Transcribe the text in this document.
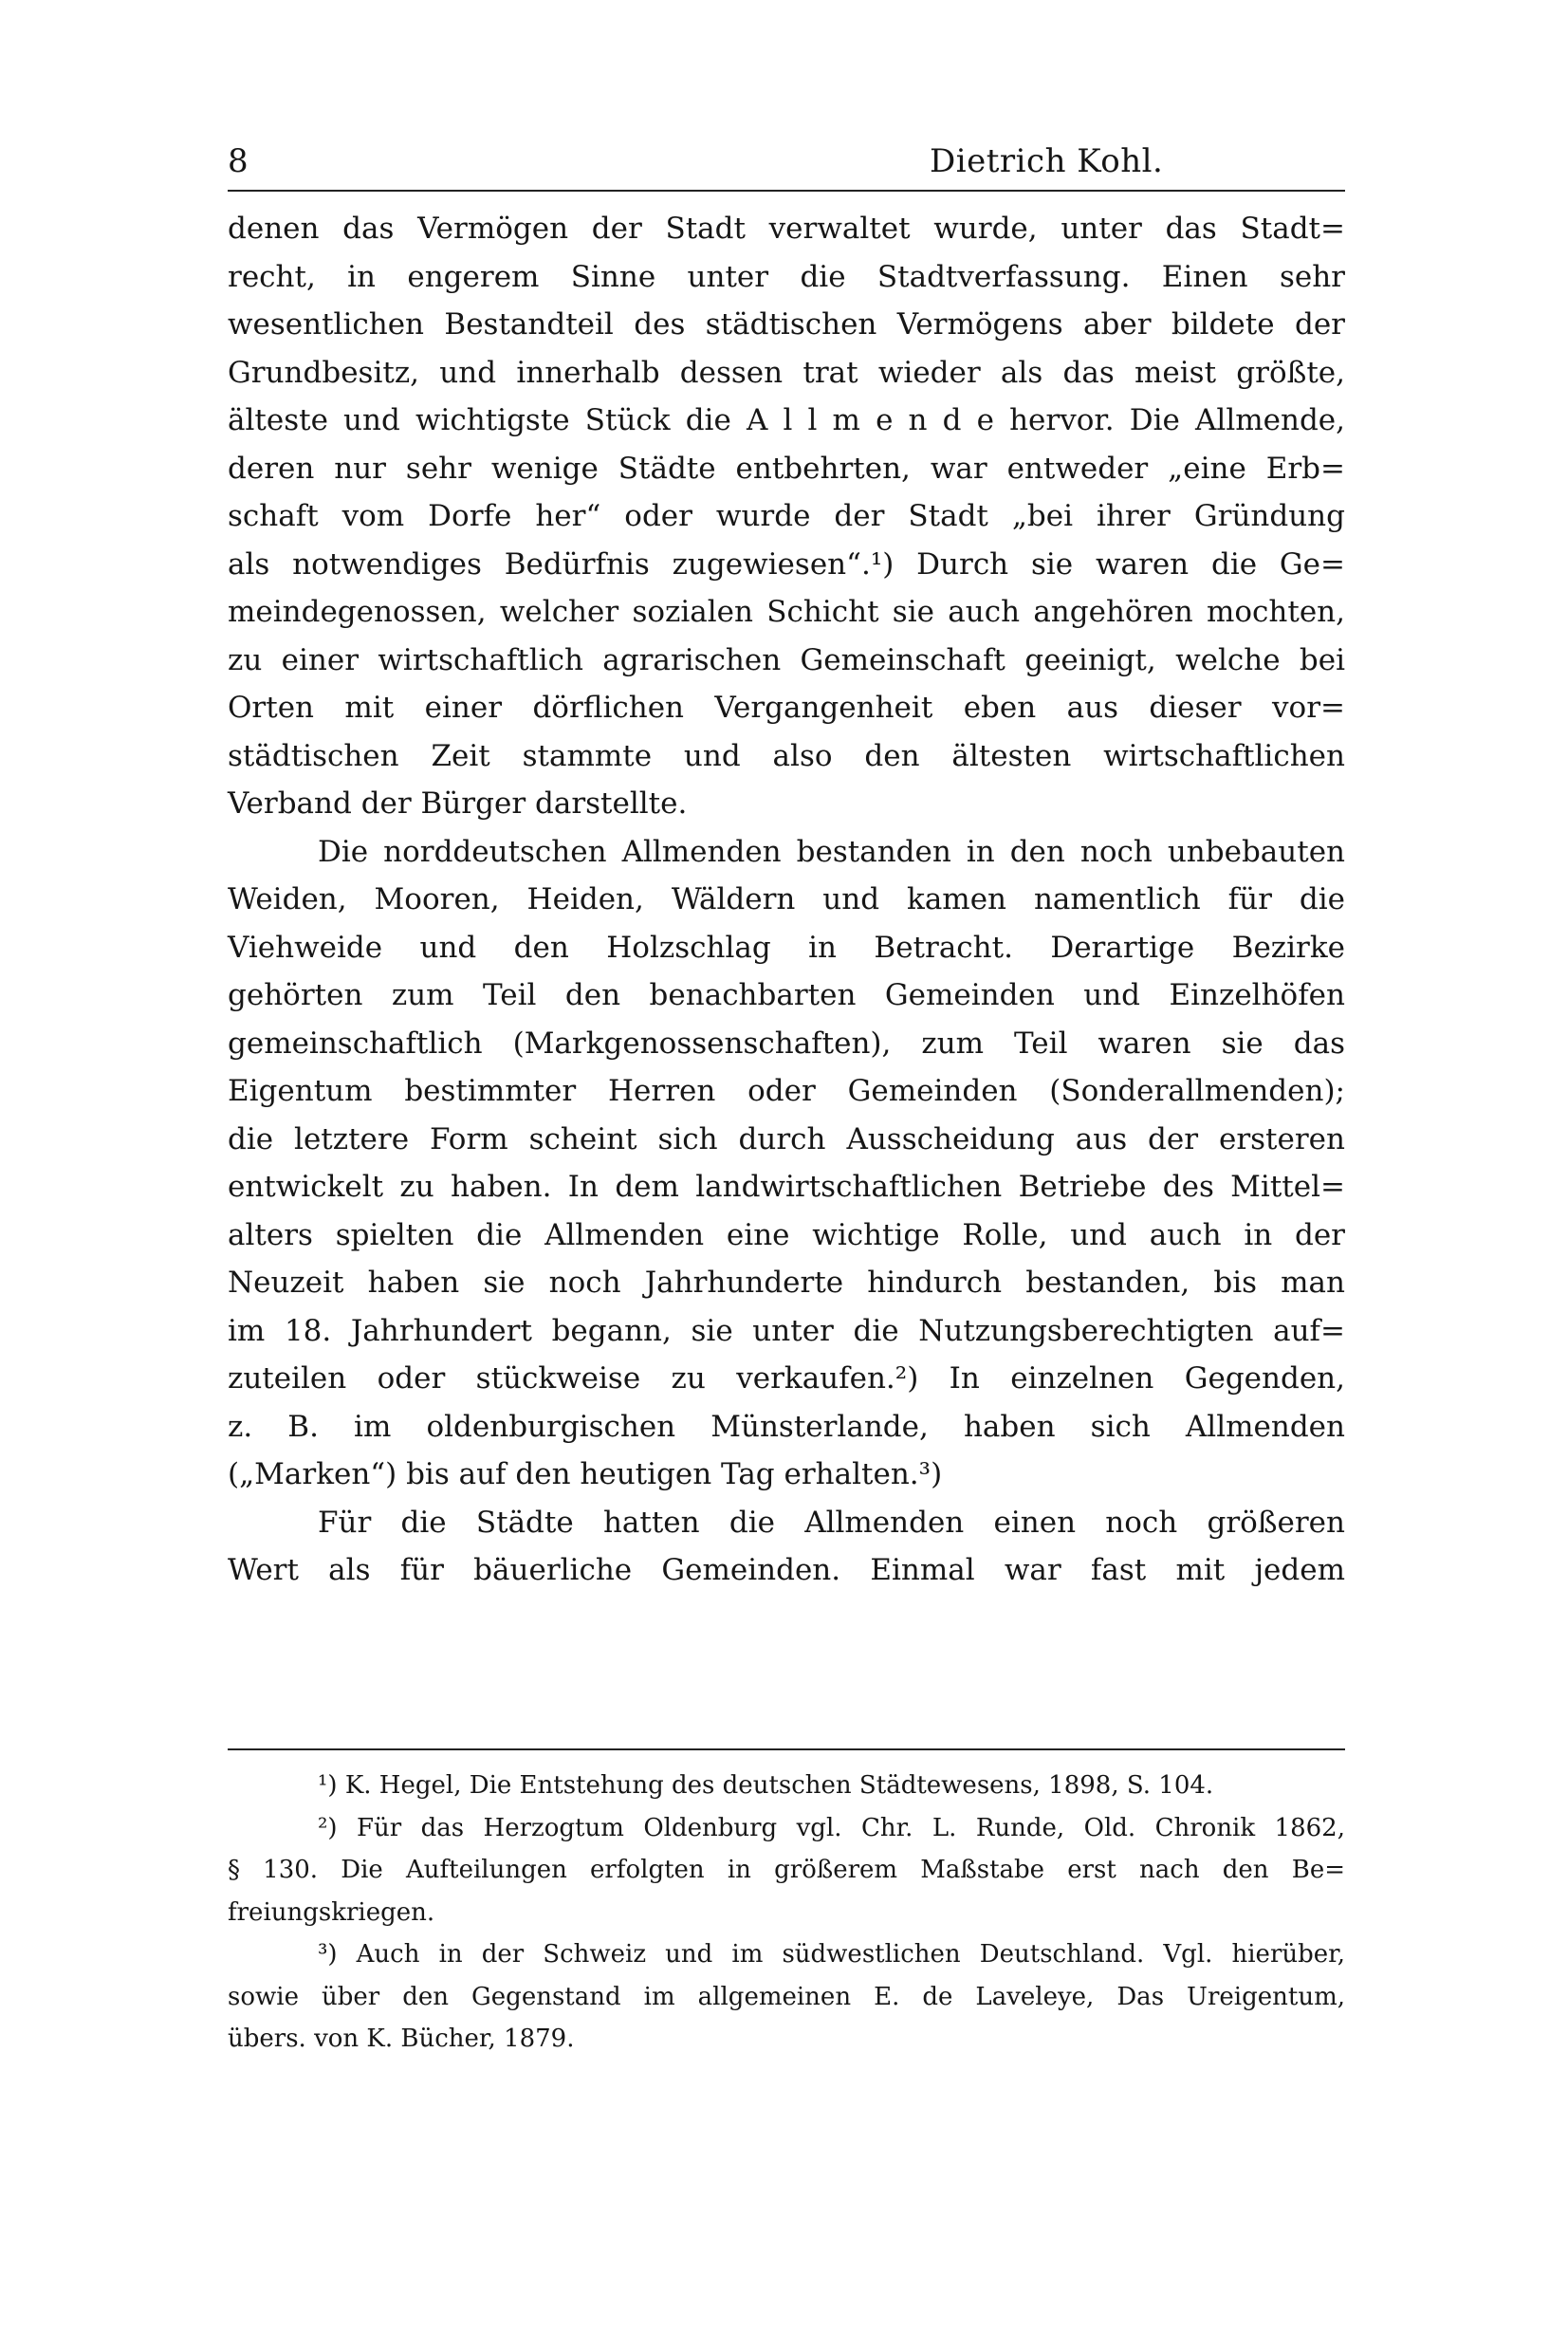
8	Dietrich Kohl.
denen das Vermögen der Stadt verwaltet wurde, unter das Stadt=
recht, in engerem Sinne unter die Stadtverfassung. Einen sehr
wesentlichen Bestandteil des städtischen Vermögens aber bildete der
Grundbesitz, und innerhalb dessen trat wieder als das meist größte,
älteste und wichtigste Stück die A l l m e n d e hervor. Die Allmende,
deren nur sehr wenige Städte entbehrten, war entweder „eine Erb=
schaft vom Dorfe her“ oder wurde der Stadt „bei ihrer Gründung
als notwendiges Bedürfnis zugewiesen“.¹) Durch sie waren die Ge=
meindegenossen, welcher sozialen Schicht sie auch angehören mochten,
zu einer wirtschaftlich agrarischen Gemeinschaft geeinigt, welche bei
Orten mit einer dörflichen Vergangenheit eben aus dieser vor=
städtischen Zeit stammte und also den ältesten wirtschaftlichen
Verband der Bürger darstellte.
Die norddeutschen Allmenden bestanden in den noch unbebauten
Weiden, Mooren, Heiden, Wäldern und kamen namentlich für die
Viehweide und den Holzschlag in Betracht. Derartige Bezirke
gehörten zum Teil den benachbarten Gemeinden und Einzelhöfen
gemeinschaftlich (Markgenossenschaften), zum Teil waren sie das
Eigentum bestimmter Herren oder Gemeinden (Sonderallmenden);
die letztere Form scheint sich durch Ausscheidung aus der ersteren
entwickelt zu haben. In dem landwirtschaftlichen Betriebe des Mittel=
alters spielten die Allmenden eine wichtige Rolle, und auch in der
Neuzeit haben sie noch Jahrhunderte hindurch bestanden, bis man
im 18. Jahrhundert begann, sie unter die Nutzungsberechtigten auf=
zuteilen oder stückweise zu verkaufen.²) In einzelnen Gegenden,
z. B. im oldenburgischen Münsterlande, haben sich Allmenden
(„Marken“) bis auf den heutigen Tag erhalten.³)
Für die Städte hatten die Allmenden einen noch größeren
Wert als für bäuerliche Gemeinden. Einmal war fast mit jedem
¹) K. Hegel, Die Entstehung des deutschen Städtewesens, 1898, S. 104.
²) Für das Herzogtum Oldenburg vgl. Chr. L. Runde, Old. Chronik 1862,
§ 130. Die Aufteilungen erfolgten in größerem Maßstabe erst nach den Be=
freiungskriegen.
³) Auch in der Schweiz und im südwestlichen Deutschland. Vgl. hierüber,
sowie über den Gegenstand im allgemeinen E. de Laveleye, Das Ureigentum,
übers. von K. Bücher, 1879.
